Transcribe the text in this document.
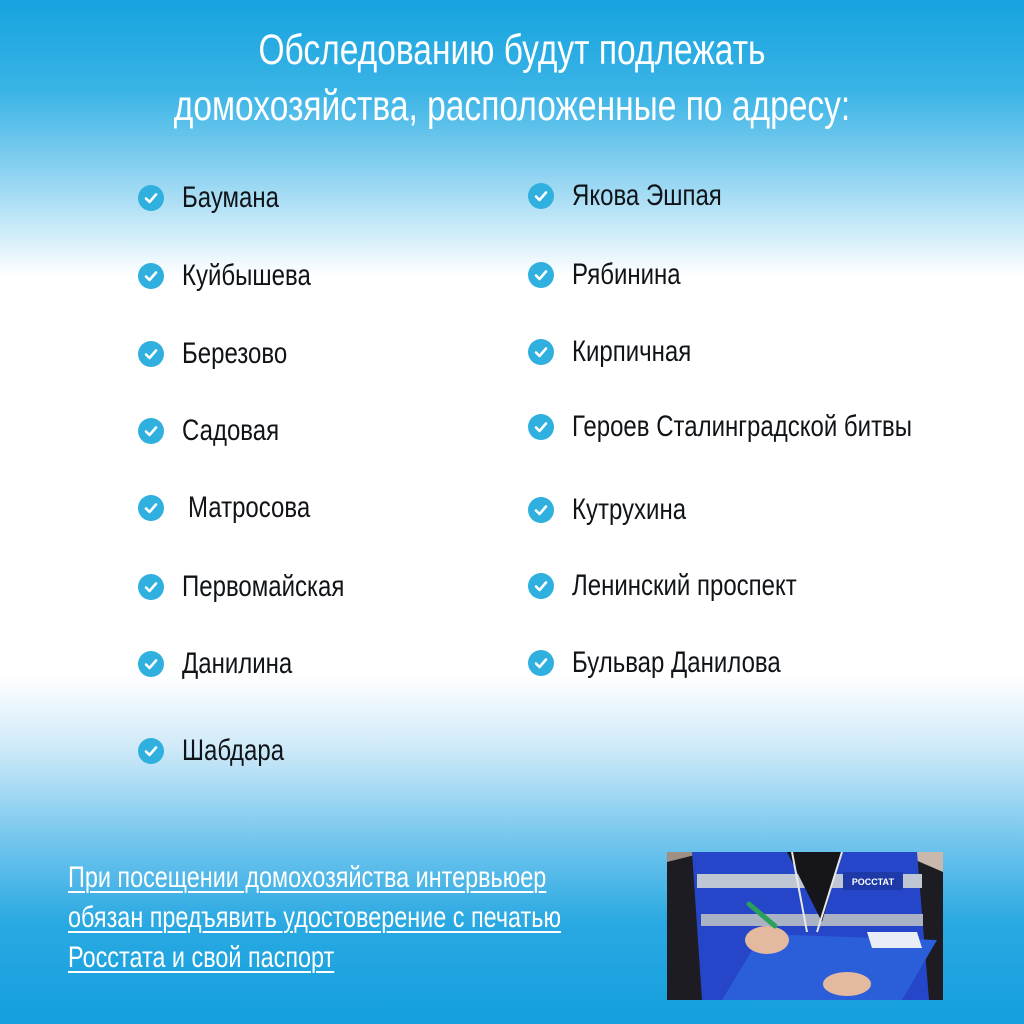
Обследованию будут подлежать
домохозяйства, расположенные по адресу:
Баумана
Куйбышева
Березово
Садовая
Матросова
Первомайская
Данилина
Шабдара
Якова Эшпая
Рябинина
Кирпичная
Героев Сталинградской битвы
Кутрухина
Ленинский проспект
Бульвар Данилова
При посещении домохозяйства интервьюер
обязан предъявить удостоверение с печатью
Росстата и свой паспорт
РОССТАТ
